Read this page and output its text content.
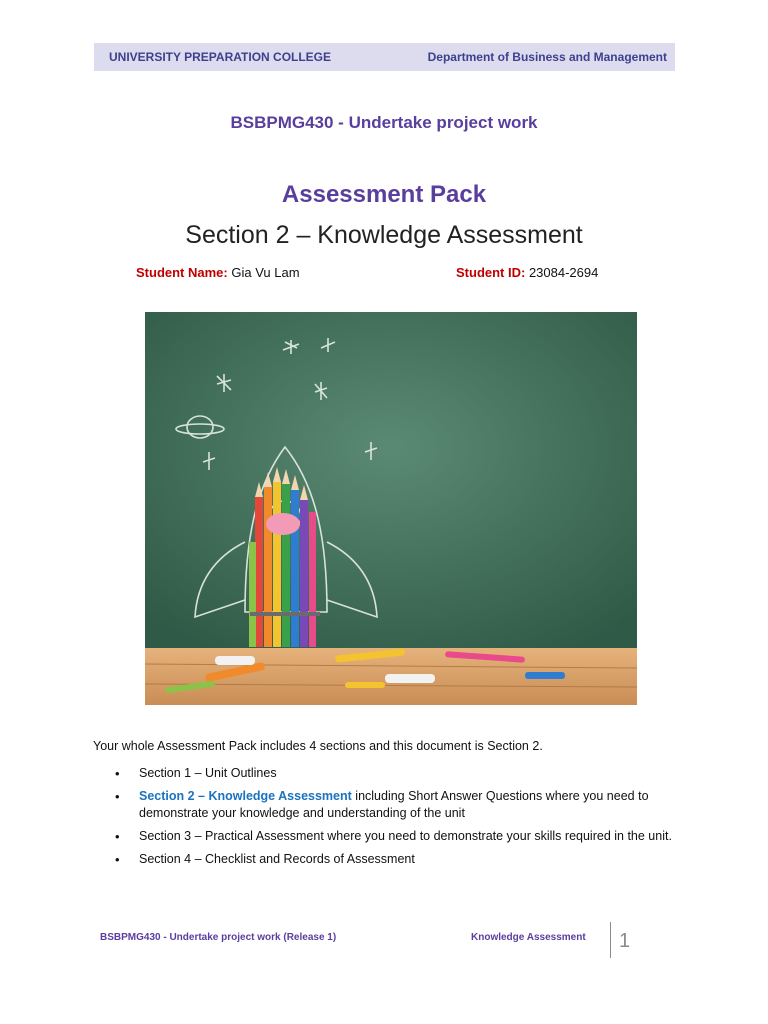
UNIVERSITY PREPARATION COLLEGE	Department of Business and Management
BSBPMG430 - Undertake project work
Assessment Pack
Section 2 – Knowledge Assessment
Student Name: Gia Vu Lam	Student ID: 23084-2694
Your whole Assessment Pack includes 4 sections and this document is Section 2.
• Section 1 – Unit Outlines
• Section 2 – Knowledge Assessment including Short Answer Questions where you need to demonstrate your knowledge and understanding of the unit
• Section 3 – Practical Assessment where you need to demonstrate your skills required in the unit.
• Section 4 – Checklist and Records of Assessment
BSBPMG430 - Undertake project work (Release 1)	Knowledge Assessment 1
